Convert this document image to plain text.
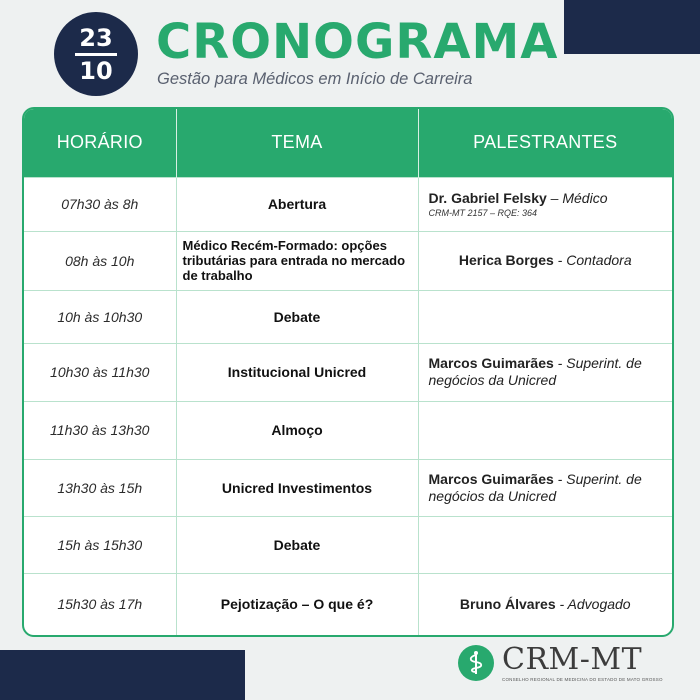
23
10
CRONOGRAMA

Gestão para Médicos em Início de Carreira

HORÁRIO	TEMA	PALESTRANTES
07h30 às 8h	Abertura	Dr. Gabriel Felsky – Médico
CRM-MT 2157 – RQE: 364

08h às 10h	Médico Recém-Formado: opções tributárias para entrada no mercado de trabalho	Herica Borges - Contadora
10h às 10h30	Debate	
10h30 às 11h30	Institucional Unicred	Marcos Guimarães - Superint. de negócios da Unicred
11h30 às 13h30	Almoço	
13h30 às 15h	Unicred Investimentos	Marcos Guimarães - Superint. de negócios da Unicred
15h às 15h30	Debate	
15h30 às 17h	Pejotização – O que é?	Bruno Álvares - Advogado
CRM-MT
CONSELHO REGIONAL DE MEDICINA DO ESTADO DE MATO GROSSO
